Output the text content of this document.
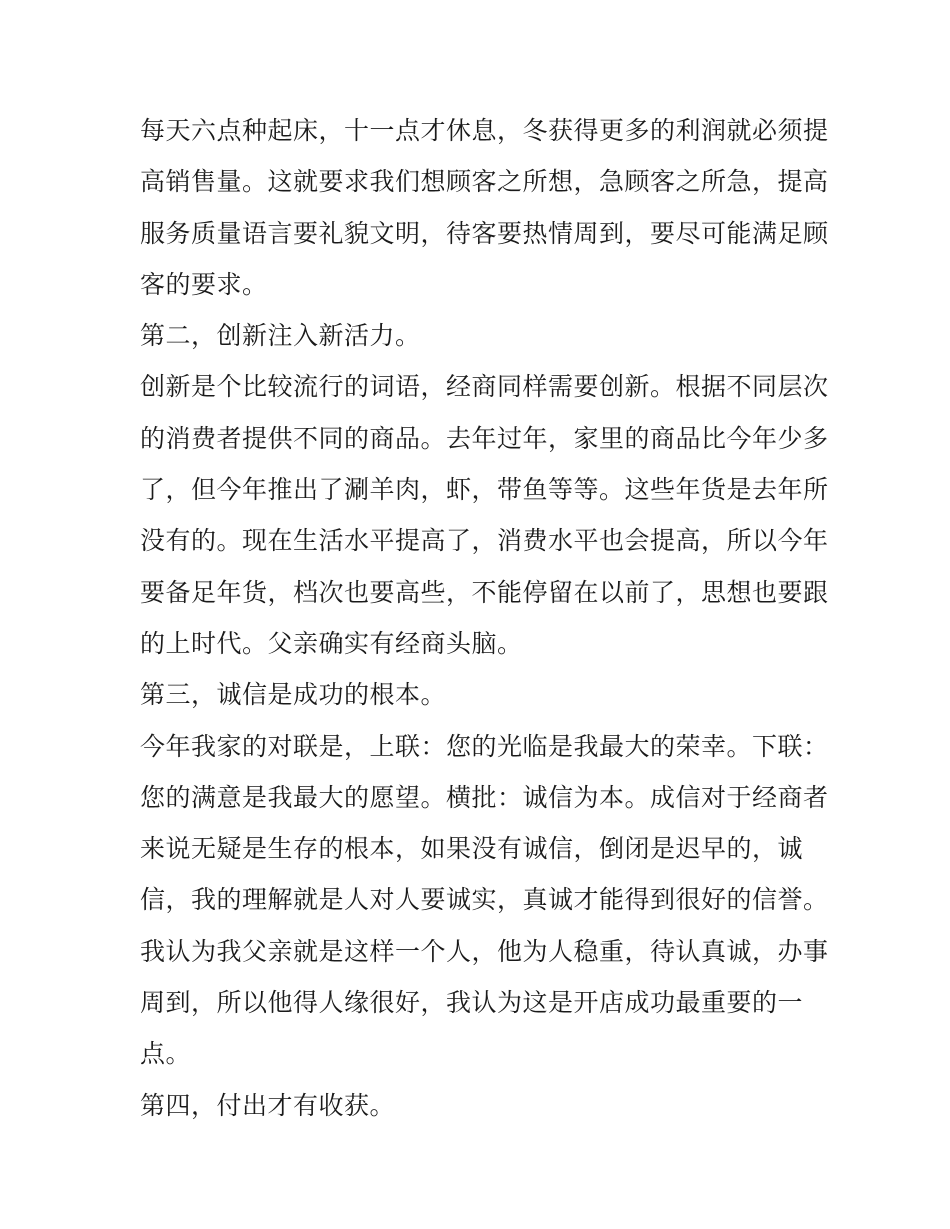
每天六点种起床，十一点才休息，冬获得更多的利润就必须提
高销售量。这就要求我们想顾客之所想，急顾客之所急，提高
服务质量语言要礼貌文明，待客要热情周到，要尽可能满足顾
客的要求。

第二，创新注入新活力。

创新是个比较流行的词语，经商同样需要创新。根据不同层次
的消费者提供不同的商品。去年过年，家里的商品比今年少多
了，但今年推出了涮羊肉，虾，带鱼等等。这些年货是去年所
没有的。现在生活水平提高了，消费水平也会提高，所以今年
要备足年货，档次也要高些，不能停留在以前了，思想也要跟
的上时代。父亲确实有经商头脑。

第三，诚信是成功的根本。

今年我家的对联是，上联：您的光临是我最大的荣幸。下联：
您的满意是我最大的愿望。横批：诚信为本。成信对于经商者
来说无疑是生存的根本，如果没有诚信，倒闭是迟早的，诚
信，我的理解就是人对人要诚实，真诚才能得到很好的信誉。
我认为我父亲就是这样一个人，他为人稳重，待认真诚，办事
周到，所以他得人缘很好，我认为这是开店成功最重要的一
点。

第四，付出才有收获。
